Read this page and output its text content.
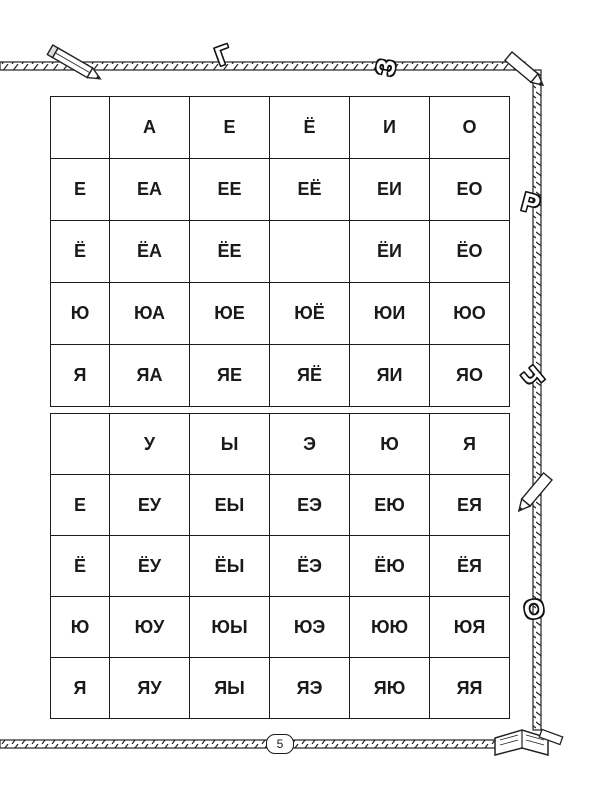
Г	З
Р
Ч
О
	А	Е	Ё	И	О
Е	ЕА	ЕЕ	ЕЁ	ЕИ	ЕО
Ё	ЁА	ЁЕ		ЁИ	ЁО
Ю	ЮА	ЮЕ	ЮЁ	ЮИ	ЮО
Я	ЯА	ЯЕ	ЯЁ	ЯИ	ЯО
	У	Ы	Э	Ю	Я
Е	ЕУ	ЕЫ	ЕЭ	ЕЮ	ЕЯ
Ё	ЁУ	ЁЫ	ЁЭ	ЁЮ	ЁЯ
Ю	ЮУ	ЮЫ	ЮЭ	ЮЮ	ЮЯ
Я	ЯУ	ЯЫ	ЯЭ	ЯЮ	ЯЯ
5
